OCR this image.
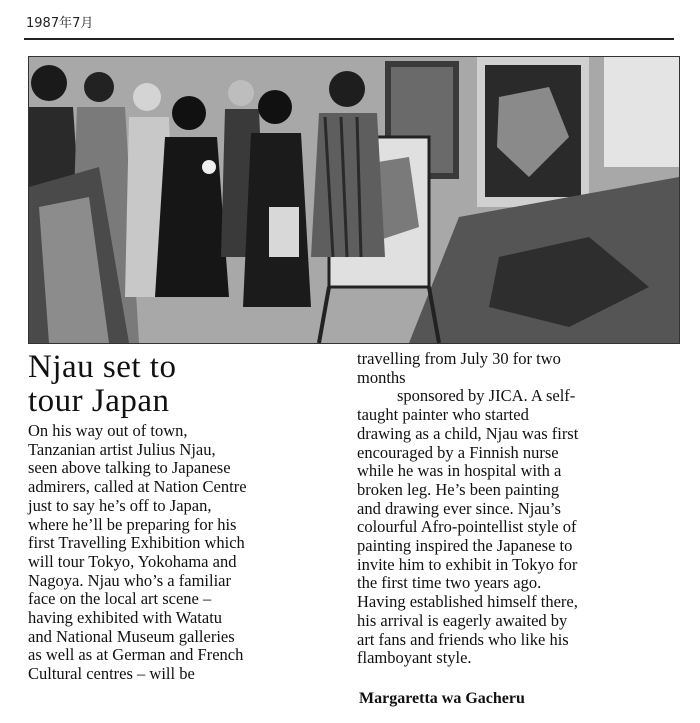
1987年7月
Njau set to
tour Japan
On his way out of town,
Tanzanian artist Julius Njau,
seen above talking to Japanese
admirers, called at Nation Centre
just to say he’s off to Japan,
where he’ll be preparing for his
first Travelling Exhibition which
will tour Tokyo, Yokohama and
Nagoya. Njau who’s a familiar
face on the local art scene –
having exhibited with Watatu
and National Museum galleries
as well as at German and French
Cultural centres – will be
travelling from July 30 for two
months
sponsored by JICA. A self-
taught painter who started
drawing as a child, Njau was first
encouraged by a Finnish nurse
while he was in hospital with a
broken leg. He’s been painting
and drawing ever since. Njau’s
colourful Afro-pointellist style of
painting inspired the Japanese to
invite him to exhibit in Tokyo for
the first time two years ago.
Having established himself there,
his arrival is eagerly awaited by
art fans and friends who like his
flamboyant style.
Margaretta wa Gacheru
